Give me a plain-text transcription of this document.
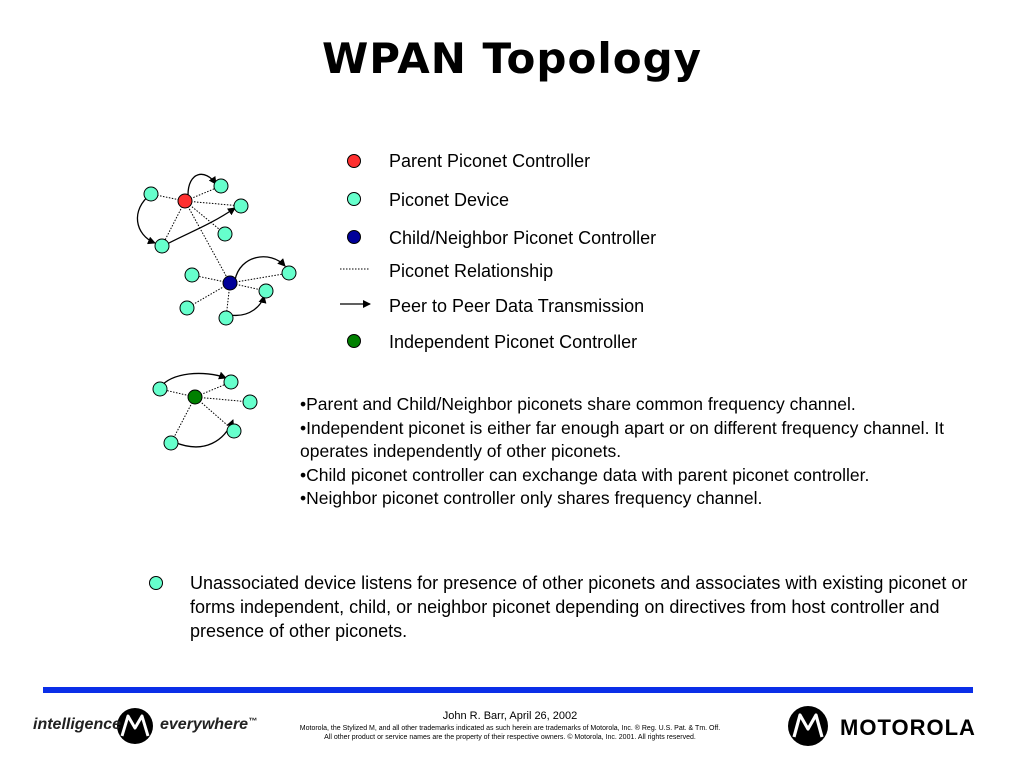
WPAN Topology
Parent Piconet Controller
Piconet Device
Child/Neighbor Piconet Controller
Piconet Relationship
Peer to Peer Data Transmission
Independent Piconet Controller
•Parent and Child/Neighbor piconets share common frequency channel.
•Independent piconet is either far enough apart or on different frequency channel. It operates independently of other piconets.
•Child piconet controller can exchange data with parent piconet controller.
•Neighbor piconet controller only shares frequency channel.
Unassociated device listens for presence of other piconets and associates with existing piconet or forms independent, child, or neighbor piconet depending on directives from host controller and presence of other piconets.
John R. Barr, April 26, 2002
Motorola, the Stylized M, and all other trademarks indicated as such herein are trademarks of Motorola, Inc. ® Reg. U.S. Pat. & Tm. Off.
All other product or service names are the property of their respective owners. © Motorola, Inc. 2001. All rights reserved.
intelligence everywhere™	MOTOROLA
